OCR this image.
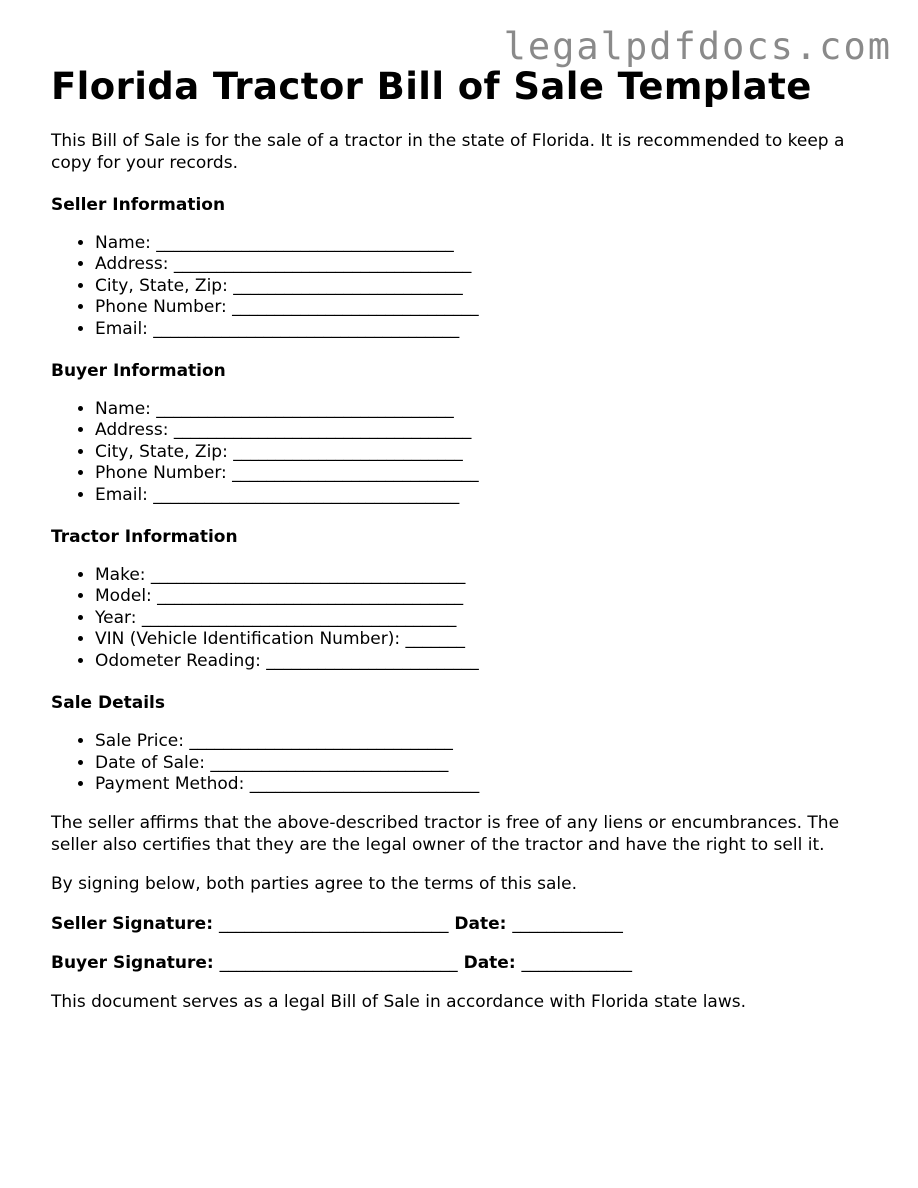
legalpdfdocs.com
Florida Tractor Bill of Sale Template

This Bill of Sale is for the sale of a tractor in the state of Florida. It is recommended to keep a copy for your records.

Seller Information
• Name: ___________________________________
• Address: ___________________________________
• City, State, Zip: ___________________________
• Phone Number: _____________________________
• Email: ____________________________________
Buyer Information
• Name: ___________________________________
• Address: ___________________________________
• City, State, Zip: ___________________________
• Phone Number: _____________________________
• Email: ____________________________________
Tractor Information
• Make: _____________________________________
• Model: ____________________________________
• Year: _____________________________________
• VIN (Vehicle Identification Number): _______
• Odometer Reading: _________________________
Sale Details
• Sale Price: _______________________________
• Date of Sale: ____________________________
• Payment Method: ___________________________

The seller affirms that the above-described tractor is free of any liens or encumbrances. The seller also certifies that they are the legal owner of the tractor and have the right to sell it.

By signing below, both parties agree to the terms of this sale.

Seller Signature: ___________________________ Date: _____________
Buyer Signature: ____________________________ Date: _____________

This document serves as a legal Bill of Sale in accordance with Florida state laws.
